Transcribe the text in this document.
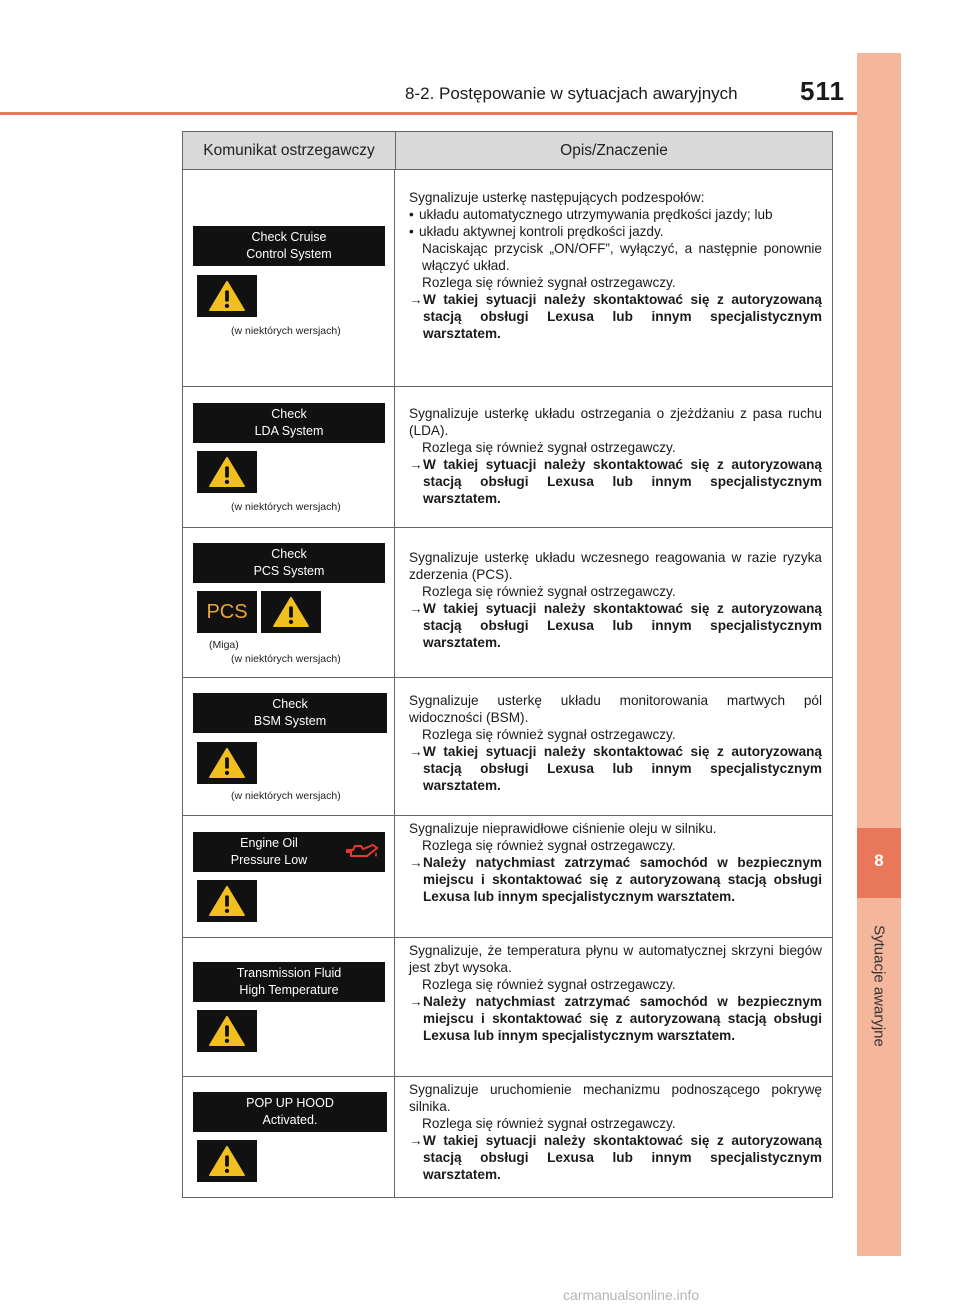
8-2. Postępowanie w sytuacjach awaryjnych 511
8
Sytuacje awaryjne
Komunikat ostrzegawczy	Opis/Znaczenie
Check Cruise
Control System
(w niektórych wersjach)
Sygnalizuje usterkę następujących podzespołów:
• układu automatycznego utrzymywania prędkości jazdy; lub
• układu aktywnej kontroli prędkości jazdy.
Naciskając przycisk „ON/OFF”, wyłączyć, a następnie ponownie włączyć układ.
Rozlega się również sygnał ostrzegawczy.
→ W takiej sytuacji należy skontaktować się z autoryzowaną stacją obsługi Lexusa lub innym specjalistycznym warsztatem.
Check
LDA System
(w niektórych wersjach)
Sygnalizuje usterkę układu ostrzegania o zjeżdżaniu z pasa ruchu (LDA).
Rozlega się również sygnał ostrzegawczy.
→ W takiej sytuacji należy skontaktować się z autoryzowaną stacją obsługi Lexusa lub innym specjalistycznym warsztatem.
Check
PCS System
PCS
(Miga)
(w niektórych wersjach)
Sygnalizuje usterkę układu wczesnego reagowania w razie ryzyka zderzenia (PCS).
Rozlega się również sygnał ostrzegawczy.
→ W takiej sytuacji należy skontaktować się z autoryzowaną stacją obsługi Lexusa lub innym specjalistycznym warsztatem.
Check
BSM System
(w niektórych wersjach)
Sygnalizuje usterkę układu monitorowania martwych pól widoczności (BSM).
Rozlega się również sygnał ostrzegawczy.
→ W takiej sytuacji należy skontaktować się z autoryzowaną stacją obsługi Lexusa lub innym specjalistycznym warsztatem.
Engine Oil
Pressure Low
Sygnalizuje nieprawidłowe ciśnienie oleju w silniku.
Rozlega się również sygnał ostrzegawczy.
→ Należy natychmiast zatrzymać samochód w bezpiecznym miejscu i skontaktować się z autoryzowaną stacją obsługi Lexusa lub innym specjalistycznym warsztatem.
Transmission Fluid
High Temperature
Sygnalizuje, że temperatura płynu w automatycznej skrzyni biegów jest zbyt wysoka.
Rozlega się również sygnał ostrzegawczy.
→ Należy natychmiast zatrzymać samochód w bezpiecznym miejscu i skontaktować się z autoryzowaną stacją obsługi Lexusa lub innym specjalistycznym warsztatem.
POP UP HOOD
Activated.
Sygnalizuje uruchomienie mechanizmu podnoszącego pokrywę silnika.
Rozlega się również sygnał ostrzegawczy.
→ W takiej sytuacji należy skontaktować się z autoryzowaną stacją obsługi Lexusa lub innym specjalistycznym warsztatem.
carmanualsonline.info
